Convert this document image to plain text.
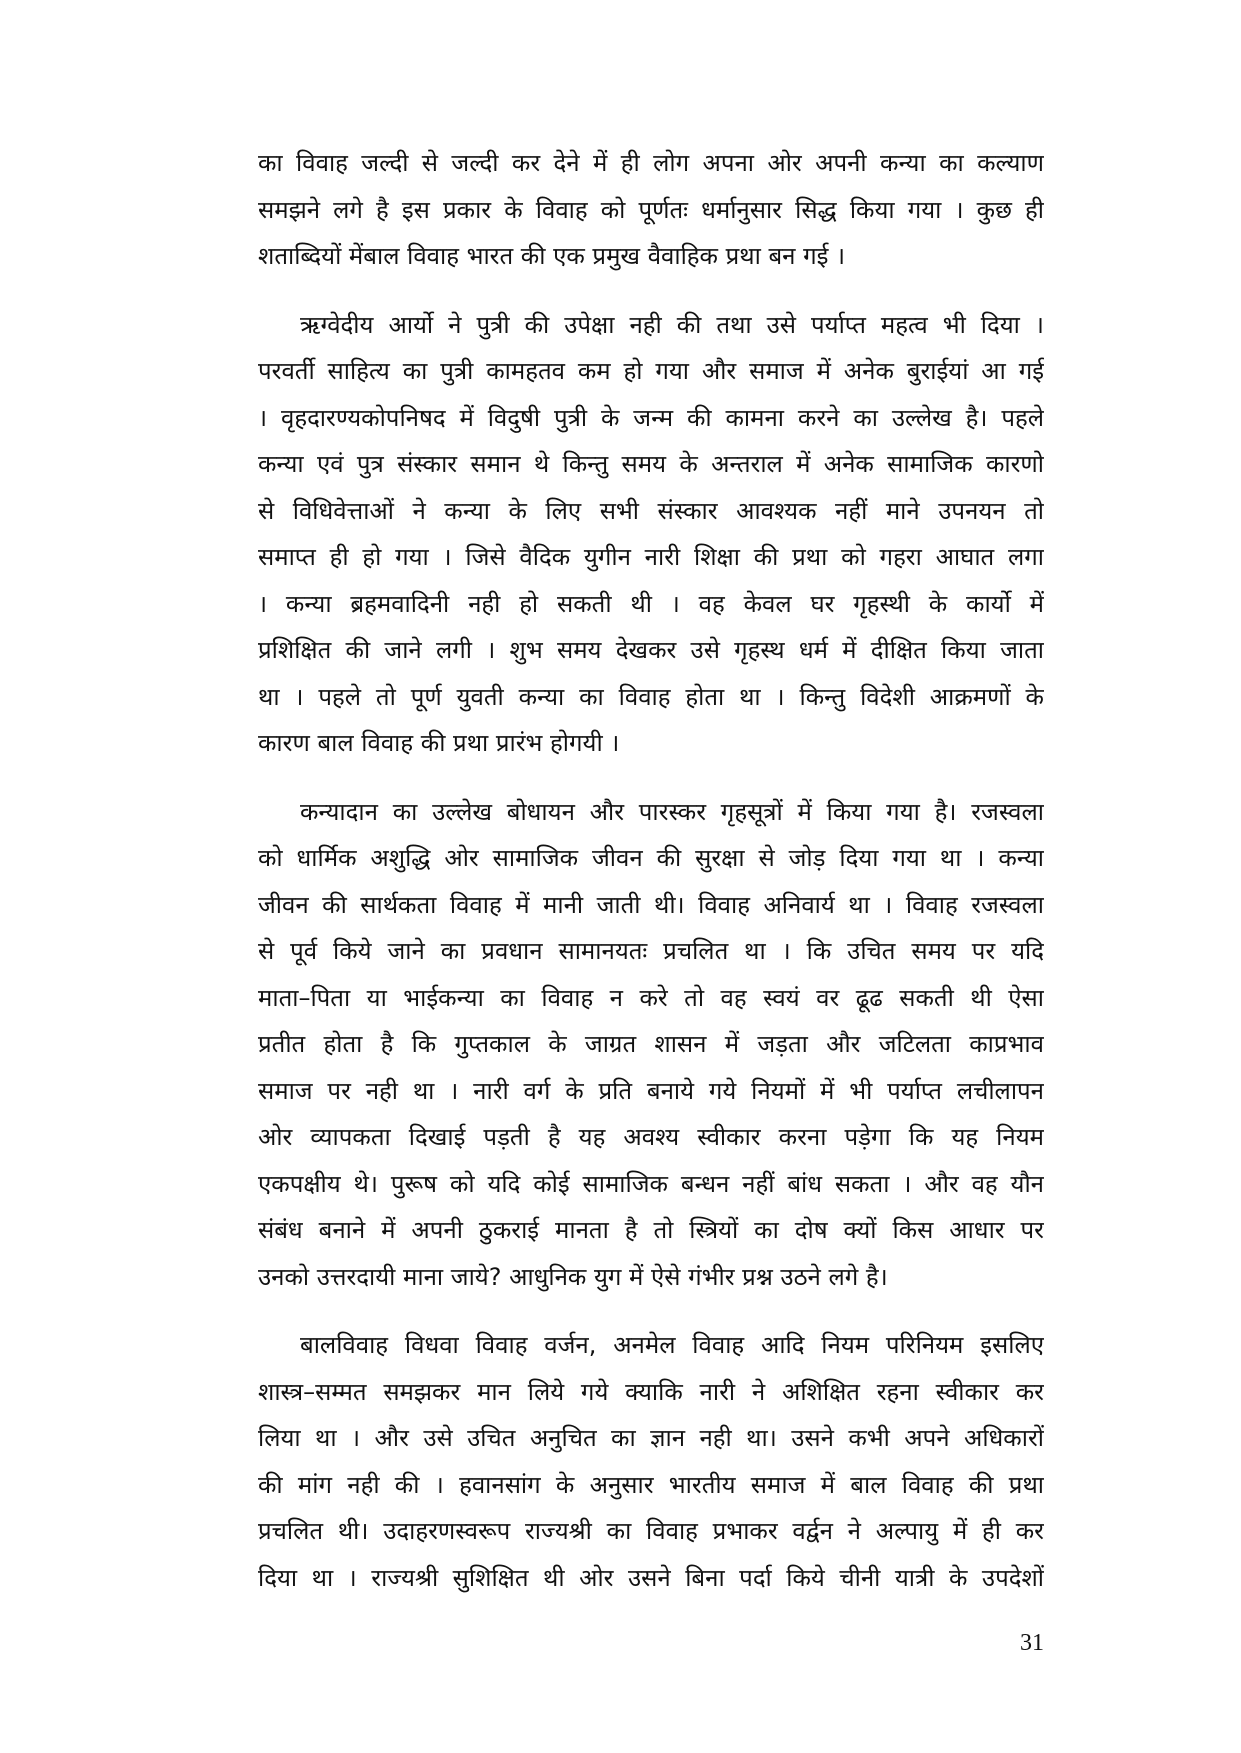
का विवाह जल्दी से जल्दी कर देने में ही लोग अपना ओर अपनी कन्या का कल्याण
समझने लगे है इस प्रकार के विवाह को पूर्णतः धर्मानुसार सिद्ध किया गया । कुछ ही
शताब्दियों मेंबाल विवाह भारत की एक प्रमुख वैवाहिक प्रथा बन गई ।
ऋग्वेदीय आर्यो ने पुत्री की उपेक्षा नही की तथा उसे पर्याप्त महत्व भी दिया ।
परवर्ती साहित्य का पुत्री कामहतव कम हो गया और समाज में अनेक बुराईयां आ गई
। वृहदारण्यकोपनिषद में विदुषी पुत्री के जन्म की कामना करने का उल्लेख है। पहले
कन्या एवं पुत्र संस्कार समान थे किन्तु समय के अन्तराल में अनेक सामाजिक कारणो
से विधिवेत्ताओं ने कन्या के लिए सभी संस्कार आवश्यक नहीं माने उपनयन तो
समाप्त ही हो गया । जिसे वैदिक युगीन नारी शिक्षा की प्रथा को गहरा आघात लगा
। कन्या ब्रहमवादिनी नही हो सकती थी । वह केवल घर गृहस्थी के कार्यो में
प्रशिक्षित की जाने लगी । शुभ समय देखकर उसे गृहस्थ धर्म में दीक्षित किया जाता
था । पहले तो पूर्ण युवती कन्या का विवाह होता था । किन्तु विदेशी आक्रमणों के
कारण बाल विवाह की प्रथा प्रारंभ होगयी ।
कन्यादान का उल्लेख बोधायन और पारस्कर गृहसूत्रों में किया गया है। रजस्वला
को धार्मिक अशुद्धि ओर सामाजिक जीवन की सुरक्षा से जोड़ दिया गया था । कन्या
जीवन की सार्थकता विवाह में मानी जाती थी। विवाह अनिवार्य था । विवाह रजस्वला
से पूर्व किये जाने का प्रवधान सामानयतः प्रचलित था । कि उचित समय पर यदि
माता–पिता या भाईकन्या का विवाह न करे तो वह स्वयं वर ढूढ सकती थी ऐसा
प्रतीत होता है कि गुप्तकाल के जाग्रत शासन में जड़ता और जटिलता काप्रभाव
समाज पर नही था । नारी वर्ग के प्रति बनाये गये नियमों में भी पर्याप्त लचीलापन
ओर व्यापकता दिखाई पड़ती है यह अवश्य स्वीकार करना पड़ेगा कि यह नियम
एकपक्षीय थे। पुरूष को यदि कोई सामाजिक बन्धन नहीं बांध सकता । और वह यौन
संबंध बनाने में अपनी ठुकराई मानता है तो स्त्रियों का दोष क्यों किस आधार पर
उनको उत्तरदायी माना जाये? आधुनिक युग में ऐसे गंभीर प्रश्न उठने लगे है।
बालविवाह विधवा विवाह वर्जन, अनमेल विवाह आदि नियम परिनियम इसलिए
शास्त्र–सम्मत समझकर मान लिये गये क्याकि नारी ने अशिक्षित रहना स्वीकार कर
लिया था । और उसे उचित अनुचित का ज्ञान नही था। उसने कभी अपने अधिकारों
की मांग नही की । हवानसांग के अनुसार भारतीय समाज में बाल विवाह की प्रथा
प्रचलित थी। उदाहरणस्वरूप राज्यश्री का विवाह प्रभाकर वर्द्वन ने अल्पायु में ही कर
दिया था । राज्यश्री सुशिक्षित थी ओर उसने बिना पर्दा किये चीनी यात्री के उपदेशों
31
